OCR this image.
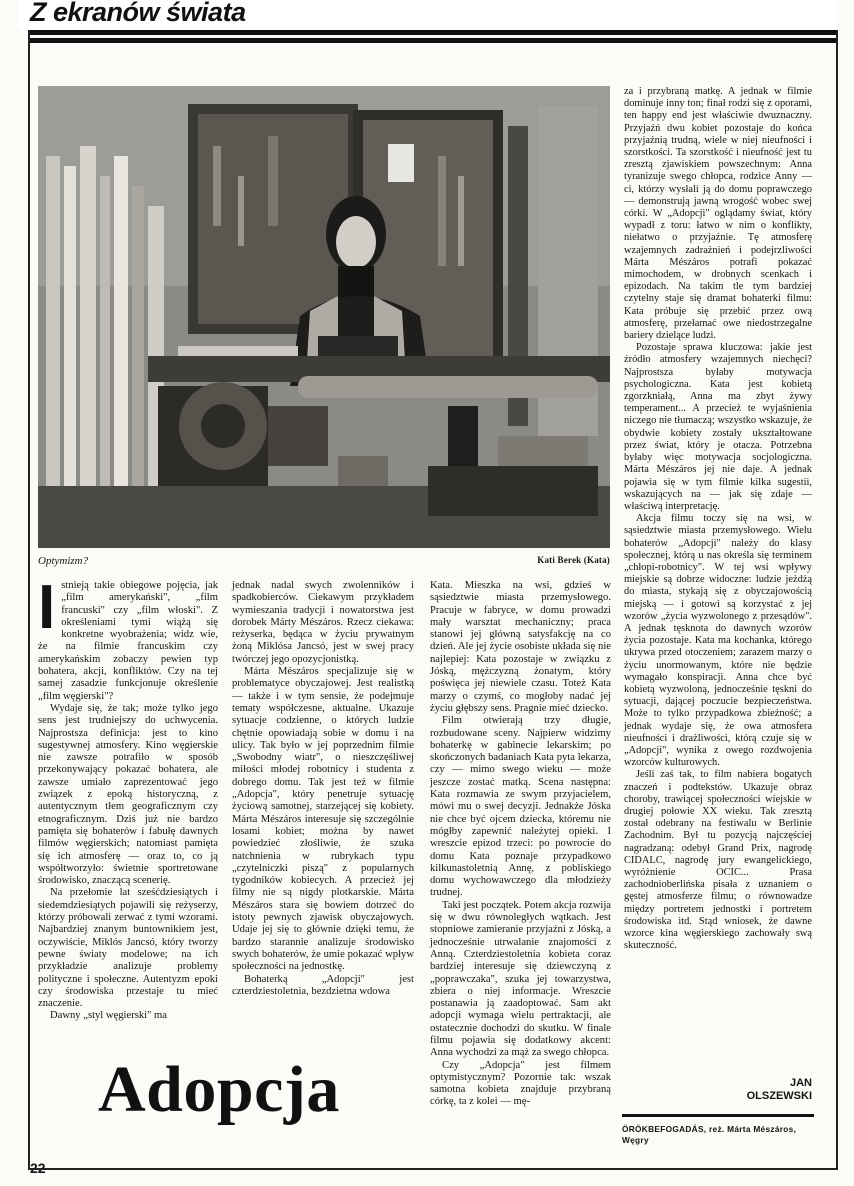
Z ekranów świata
Optymizm?	Kati Berek (Kata)

Istnieją takie obiegowe pojęcia, jak „film amerykański", „film francuski" czy „film włoski". Z określeniami tymi wiążą się konkretne wyobrażenia; widz wie, że na filmie francuskim czy amerykańskim zobaczy pewien typ bohatera, akcji, konfliktów. Czy na tej samej zasadzie funkcjonuje określenie „film węgierski"?

Wydaje się, że tak; może tylko jego sens jest trudniejszy do uchwycenia. Najprostsza definicja: jest to kino sugestywnej atmosfery. Kino węgierskie nie zawsze potrafiło w sposób przekonywający pokazać bohatera, ale zawsze umiało zaprezentować jego związek z epoką historyczną, z autentycznym tłem geograficznym czy etnograficznym. Dziś już nie bardzo pamięta się bohaterów i fabułę dawnych filmów węgierskich; natomiast pamięta się ich atmosferę — oraz to, co ją współtworzyło: świetnie sportretowane środowisko, znaczącą scenerię.

Na przełomie lat sześćdziesiątych i siedemdziesiątych pojawili się reżyserzy, którzy próbowali zerwać z tymi wzorami. Najbardziej znanym buntownikiem jest, oczywiście, Miklós Jancsó, który tworzy pewne światy modelowe; na ich przykładzie analizuje problemy polityczne i społeczne. Autentyzm epoki czy środowiska przestaje tu mieć znaczenie.

Dawny „styl węgierski" ma

jednak nadal swych zwolenników i spadkobierców. Ciekawym przykładem wymieszania tradycji i nowatorstwa jest dorobek Márty Mészáros. Rzecz ciekawa: reżyserka, będąca w życiu prywatnym żoną Miklósa Jancsó, jest w swej pracy twórczej jego opozycjonistką.

Márta Mészáros specjalizuje się w problematyce obyczajowej. Jest realistką — także i w tym sensie, że podejmuje tematy współczesne, aktualne. Ukazuje sytuacje codzienne, o których ludzie chętnie opowiadają sobie w domu i na ulicy. Tak było w jej poprzednim filmie „Swobodny wiatr", o nieszczęśliwej miłości młodej robotnicy i studenta z dobrego domu. Tak jest też w filmie „Adopcja", który penetruje sytuację życiową samotnej, starzejącej się kobiety. Márta Mészáros interesuje się szczególnie losami kobiet; można by nawet powiedzieć złośliwie, że szuka natchnienia w rubrykach typu „czytelniczki piszą" z popularnych tygodników kobiecych. A przecież jej filmy nie są nigdy plotkarskie. Márta Mészáros stara się bowiem dotrzeć do istoty pewnych zjawisk obyczajowych. Udaje jej się to głównie dzięki temu, że bardzo starannie analizuje środowisko swych bohaterów, że umie pokazać wpływ społeczności na jednostkę.

Bohaterką „Adopcji" jest czterdziestoletnia, bezdzietna wdowa

Kata. Mieszka na wsi, gdzieś w sąsiedztwie miasta przemysłowego. Pracuje w fabryce, w domu prowadzi mały warsztat mechaniczny; praca stanowi jej główną satysfakcję na co dzień. Ale jej życie osobiste układa się nie najlepiej: Kata pozostaje w związku z Jóską, mężczyzną żonatym, który poświęca jej niewiele czasu. Toteż Kata marzy o czymś, co mogłoby nadać jej życiu głębszy sens. Pragnie mieć dziecko.

Film otwierają trzy długie, rozbudowane sceny. Najpierw widzimy bohaterkę w gabinecie lekarskim; po skończonych badaniach Kata pyta lekarza, czy — mimo swego wieku — może jeszcze zostać matką. Scena następna: Kata rozmawia ze swym przyjacielem, mówi mu o swej decyzji. Jednakże Jóska nie chce być ojcem dziecka, któremu nie mógłby zapewnić należytej opieki. I wreszcie epizod trzeci: po powrocie do domu Kata poznaje przypadkowo kilkunastoletnią Annę, z pobliskiego domu wychowawczego dla młodzieży trudnej.

Taki jest początek. Potem akcja rozwija się w dwu równoległych wątkach. Jest stopniowe zamieranie przyjaźni z Jóską, a jednocześnie utrwalanie znajomości z Anną. Czterdziestoletnia kobieta coraz bardziej interesuje się dziewczyną z „poprawczaka", szuka jej towarzystwa, zbiera o niej informacje. Wreszcie postanawia ją zaadoptować. Sam akt adopcji wymaga wielu pertraktacji, ale ostatecznie dochodzi do skutku. W finale filmu pojawia się dodatkowy akcent: Anna wychodzi za mąż za swego chłopca.

Czy „Adopcja" jest filmem optymistycznym? Pozornie tak: wszak samotna kobieta znajduje przybraną córkę, ta z kolei — mę-

za i przybraną matkę. A jednak w filmie dominuje inny ton; finał rodzi się z oporami, ten happy end jest właściwie dwuznaczny. Przyjaźń dwu kobiet pozostaje do końca przyjaźnią trudną, wiele w niej nieufności i szorstkości. Ta szorstkość i nieufność jest tu zresztą zjawiskiem powszechnym: Anna tyranizuje swego chłopca, rodzice Anny — ci, którzy wysłali ją do domu poprawczego — demonstrują jawną wrogość wobec swej córki. W „Adopcji" oglądamy świat, który wypadł z toru: łatwo w nim o konflikty, niełatwo o przyjaźnie. Tę atmosferę wzajemnych zadrażnień i podejrzliwości Márta Mészáros potrafi pokazać mimochodem, w drobnych scenkach i epizodach. Na takim tle tym bardziej czytelny staje się dramat bohaterki filmu: Kata próbuje się przebić przez ową atmosferę, przełamać owe niedostrzegalne bariery dzielące ludzi.

Pozostaje sprawa kluczowa: jakie jest źródło atmosfery wzajemnych niechęci? Najprostsza byłaby motywacja psychologiczna. Kata jest kobietą zgorzkniałą, Anna ma zbyt żywy temperament... A przecież te wyjaśnienia niczego nie tłumaczą; wszystko wskazuje, że obydwie kobiety zostały ukształtowane przez świat, który je otacza. Potrzebna byłaby więc motywacja socjologiczna. Márta Mészáros jej nie daje. A jednak pojawia się w tym filmie kilka sugestii, wskazujących na — jak się zdaje — właściwą interpretację.

Akcja filmu toczy się na wsi, w sąsiedztwie miasta przemysłowego. Wielu bohaterów „Adopcji" należy do klasy społecznej, którą u nas określa się terminem „chłopi-robotnicy". W tej wsi wpływy miejskie są dobrze widoczne: ludzie jeżdżą do miasta, stykają się z obyczajowością miejską — i gotowi są korzystać z jej wzorów „życia wyzwolonego z przesądów". A jednak tęsknota do dawnych wzorów życia pozostaje. Kata ma kochanka, którego ukrywa przed otoczeniem; zarazem marzy o życiu unormowanym, które nie będzie wymagało konspiracji. Anna chce być kobietą wyzwoloną, jednocześnie tęskni do sytuacji, dającej poczucie bezpieczeństwa. Może to tylko przypadkowa zbieżność; a jednak wydaje się, że owa atmosfera nieufności i drażliwości, którą czuje się w „Adopcji", wynika z owego rozdwojenia wzorców kulturowych.

Jeśli zaś tak, to film nabiera bogatych znaczeń i podtekstów. Ukazuje obraz choroby, trawiącej społeczności wiejskie w drugiej połowie XX wieku. Tak zresztą został odebrany na festiwalu w Berlinie Zachodnim. Był tu pozycją najczęściej nagradzaną: odebył Grand Prix, nagrodę CIDALC, nagrodę jury ewangelickiego, wyróżnienie OCIC... Prasa zachodnioberlińska pisała z uznaniem o gęstej atmosferze filmu; o równowadze między portretem jednostki i portretem środowiska itd. Stąd wniosek, że dawne wzorce kina węgierskiego zachowały swą skuteczność.

Adopcja	JAN
OLSZEWSKI
ÖRÖKBEFOGADÁS, reż. Márta Mészáros, Węgry
